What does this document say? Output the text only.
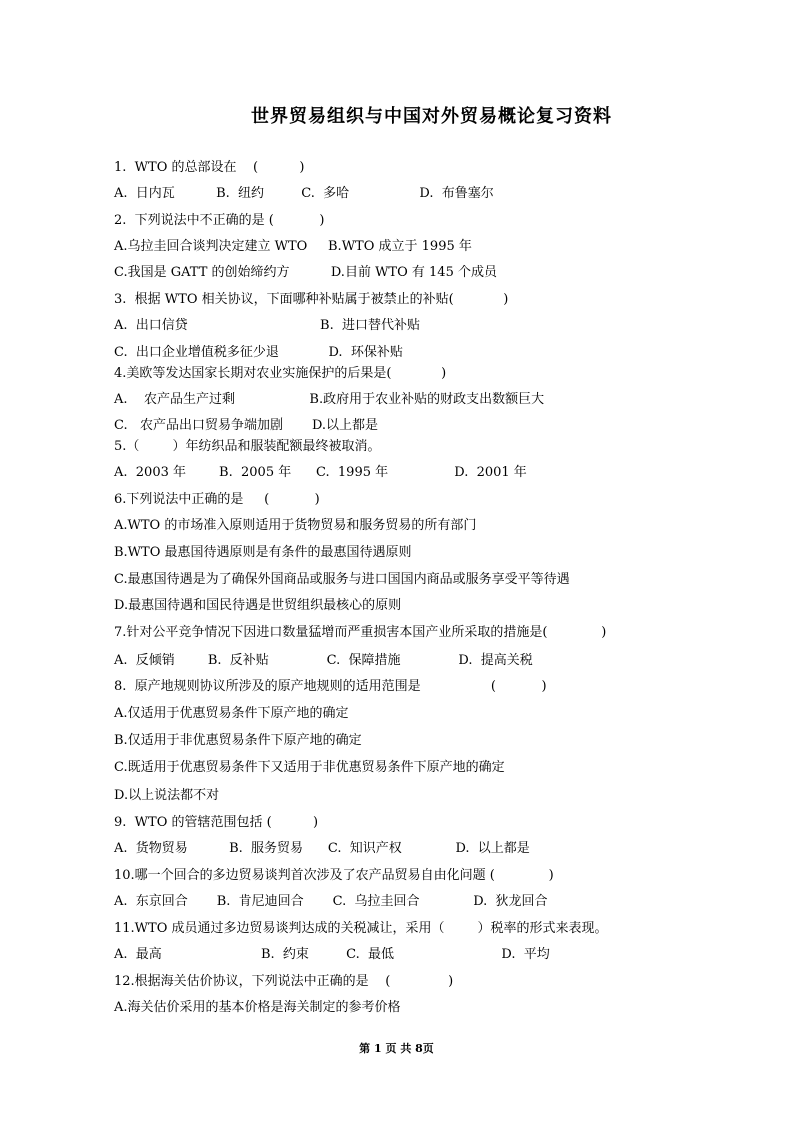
世界贸易组织与中国对外贸易概论复习资料
1.  WTO 的总部设在    (          )
A.  日内瓦          B.  纽约         C.  多哈                 D.  布鲁塞尔
2.  下列说法中不正确的是 (           )
A.乌拉圭回合谈判决定建立 WTO     B.WTO 成立于 1995 年
C.我国是 GATT 的创始缔约方          D.目前 WTO 有 145 个成员
3.  根据 WTO 相关协议，下面哪种补贴属于被禁止的补贴(            )
A.  出口信贷                                B.  进口替代补贴
C.  出口企业增值税多征少退            D.  环保补贴
4.美欧等发达国家长期对农业实施保护的后果是(            )
A.    农产品生产过剩                  B.政府用于农业补贴的财政支出数额巨大
C.   农产品出口贸易争端加剧       D.以上都是
5.（        ）年纺织品和服装配额最终被取消。
A.  2003 年        B.  2005 年      C.  1995 年                D.  2001 年
6.下列说法中正确的是     (           )
A.WTO 的市场准入原则适用于货物贸易和服务贸易的所有部门
B.WTO 最惠国待遇原则是有条件的最惠国待遇原则
C.最惠国待遇是为了确保外国商品或服务与进口国国内商品或服务享受平等待遇
D.最惠国待遇和国民待遇是世贸组织最核心的原则
7.针对公平竞争情况下因进口数量猛增而严重损害本国产业所采取的措施是(             )
A.  反倾销        B.  反补贴              C.  保障措施              D.  提高关税
8.  原产地规则协议所涉及的原产地规则的适用范围是                 (           )
A.仅适用于优惠贸易条件下原产地的确定
B.仅适用于非优惠贸易条件下原产地的确定
C.既适用于优惠贸易条件下又适用于非优惠贸易条件下原产地的确定
D.以上说法都不对
9.  WTO 的管辖范围包括 (          )
A.  货物贸易          B.  服务贸易      C.  知识产权             D.  以上都是
10.哪一个回合的多边贸易谈判首次涉及了农产品贸易自由化问题 (             )
A.  东京回合       B.  肯尼迪回合       C.  乌拉圭回合             D.  狄龙回合
11.WTO 成员通过多边贸易谈判达成的关税减让，采用（        ）税率的形式来表现。
A.  最高                        B.  约束         C.  最低                          D.  平均
12.根据海关估价协议，下列说法中正确的是    (              )
A.海关估价采用的基本价格是海关制定的参考价格
第 1 页 共 8页
